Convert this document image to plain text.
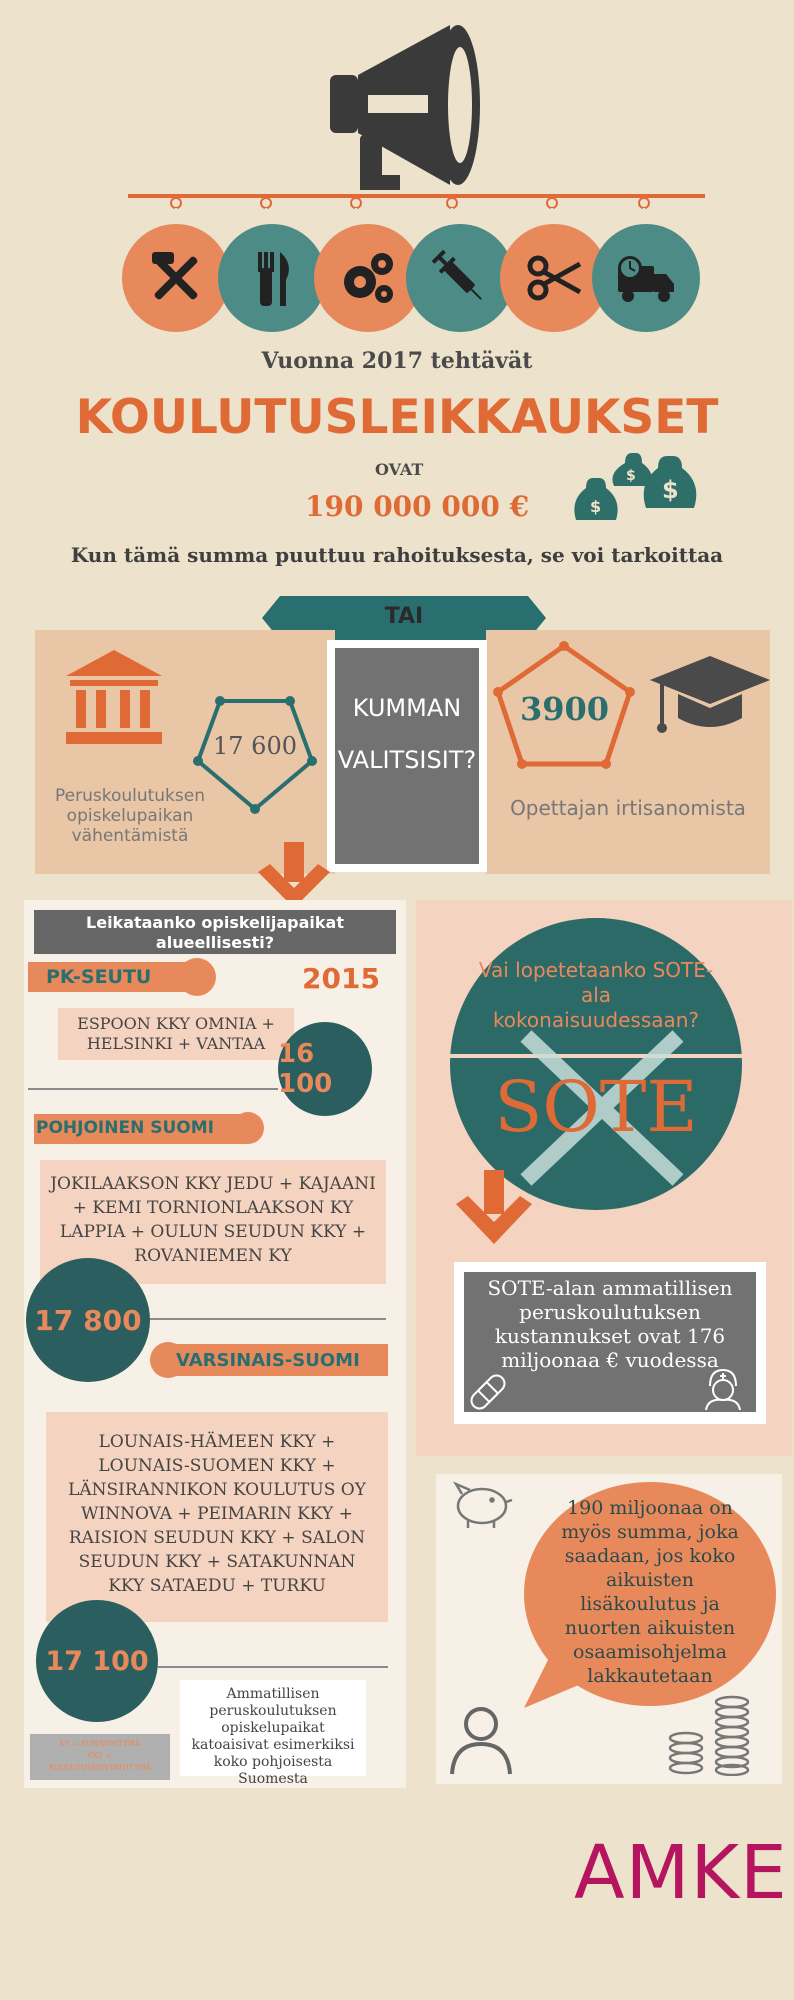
Vuonna 2017 tehtävät
KOULUTUSLEIKKAUKSET
OVAT
190 000 000 €
$ $
$
Kun tämä summa puuttuu rahoituksesta, se voi tarkoittaa
TAI
17 600
Peruskoulutuksen opiskelupaikan vähentämistä
KUMMAN
VALITSISIT?
3900
Opettajan irtisanomista
Leikataanko opiskelijapaikat alueellisesti?
PK-SEUTU	2015
ESPOON KKY OMNIA + HELSINKI + VANTAA 16 100
POHJOINEN SUOMI
JOKILAAKSON KKY JEDU + KAJAANI + KEMI TORNIONLAAKSON KY LAPPIA + OULUN SEUDUN KKY + ROVANIEMEN KY
17 800
VARSINAIS-SUOMI
LOUNAIS-HÄMEEN KKY + LOUNAIS-SUOMEN KKY + LÄNSIRANNIKON KOULUTUS OY WINNOVA + PEIMARIN KKY + RAISION SEUDUN KKY + SALON SEUDUN KKY + SATAKUNNAN KKY SATAEDU + TURKU
17 100
Ammatillisen peruskoulutuksen opiskelupaikat katoaisivat esimerkiksi koko pohjoisesta Suomesta
KY = KUNTAYHTYMÄ
KKY =
KOULUTUSKUNTAYHTYMÄ
Vai lopetetaanko SOTE-ala kokonaisuudessaan?
SOTE
SOTE-alan ammatillisen peruskoulutuksen kustannukset ovat 176 miljoonaa € vuodessa
190 miljoonaa on myös summa, joka saadaan, jos koko aikuisten lisäkoulutus ja nuorten aikuisten osaamisohjelma lakkautetaan
AMKE
